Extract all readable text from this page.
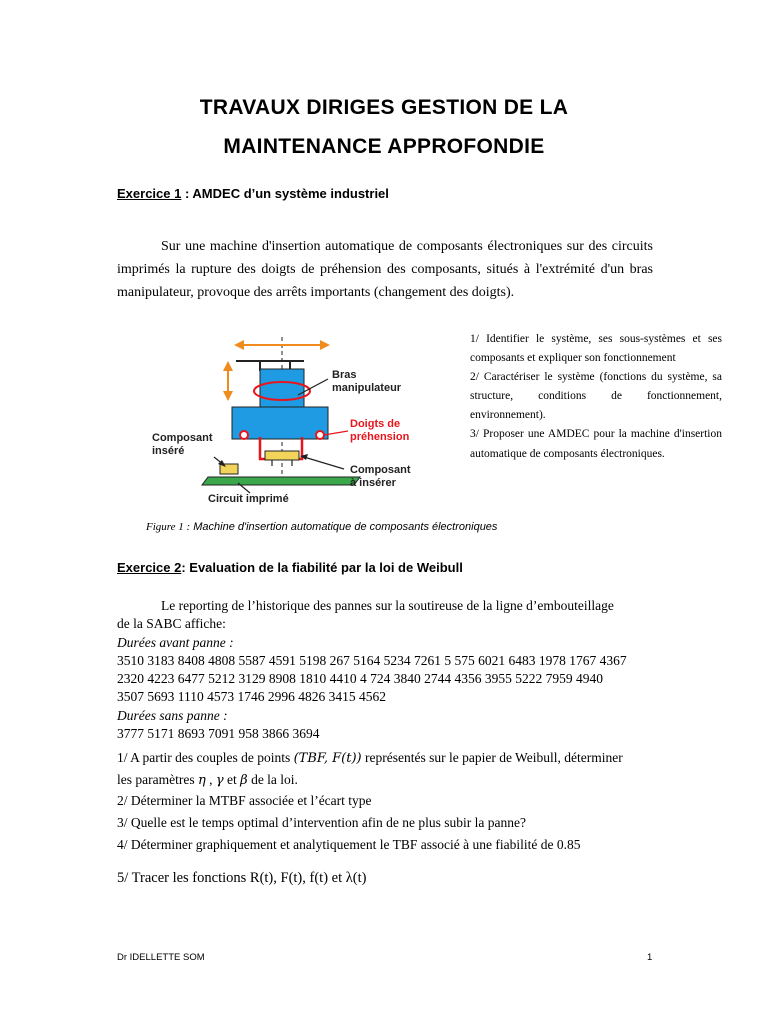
TRAVAUX DIRIGES GESTION DE LA
MAINTENANCE APPROFONDIE
Exercice 1 : AMDEC d’un système industriel
Sur une machine d'insertion automatique de composants électroniques sur des circuits imprimés la rupture des doigts de préhension des composants, situés à l'extrémité d'un bras manipulateur, provoque des arrêts importants (changement des doigts).
Bras
manipulateur
Doigts de
préhension
Composant
inséré
Composant
à insérer
Circuit imprimé
Figure 1 : Machine d'insertion automatique de composants électroniques

1/ Identifier le système, ses sous-systèmes et ses composants et expliquer son fonctionnement

2/ Caractériser le système (fonctions du système, sa structure, conditions de fonctionnement, environnement).

3/ Proposer une AMDEC pour la machine d'insertion automatique de composants électroniques.

Exercice 2: Evaluation de la fiabilité par la loi de Weibull

Le reporting de l’historique des pannes sur la soutireuse de la ligne d’embouteillage

de la SABC affiche:

Durées avant panne :

3510 3183 8408 4808 5587 4591 5198 267 5164 5234 7261 5 575 6021 6483 1978 1767 4367

2320 4223 6477 5212 3129 8908 1810 4410 4 724 3840 2744 4356 3955 5222 7959 4940

3507 5693 1110 4573 1746 2996 4826 3415 4562

Durées sans panne :

3777 5171 8693 7091 958 3866 3694

1/ A partir des couples de points (TBF, F(t)) représentés sur le papier de Weibull, déterminer

les paramètres η , γ et β de la loi.

2/ Déterminer la MTBF associée et l’écart type

3/ Quelle est le temps optimal d’intervention afin de ne plus subir la panne?

4/ Déterminer graphiquement et analytiquement le TBF associé à une fiabilité de 0.85

5/ Tracer les fonctions R(t), F(t), f(t) et λ(t)

Dr IDELLETTE SOM	1
